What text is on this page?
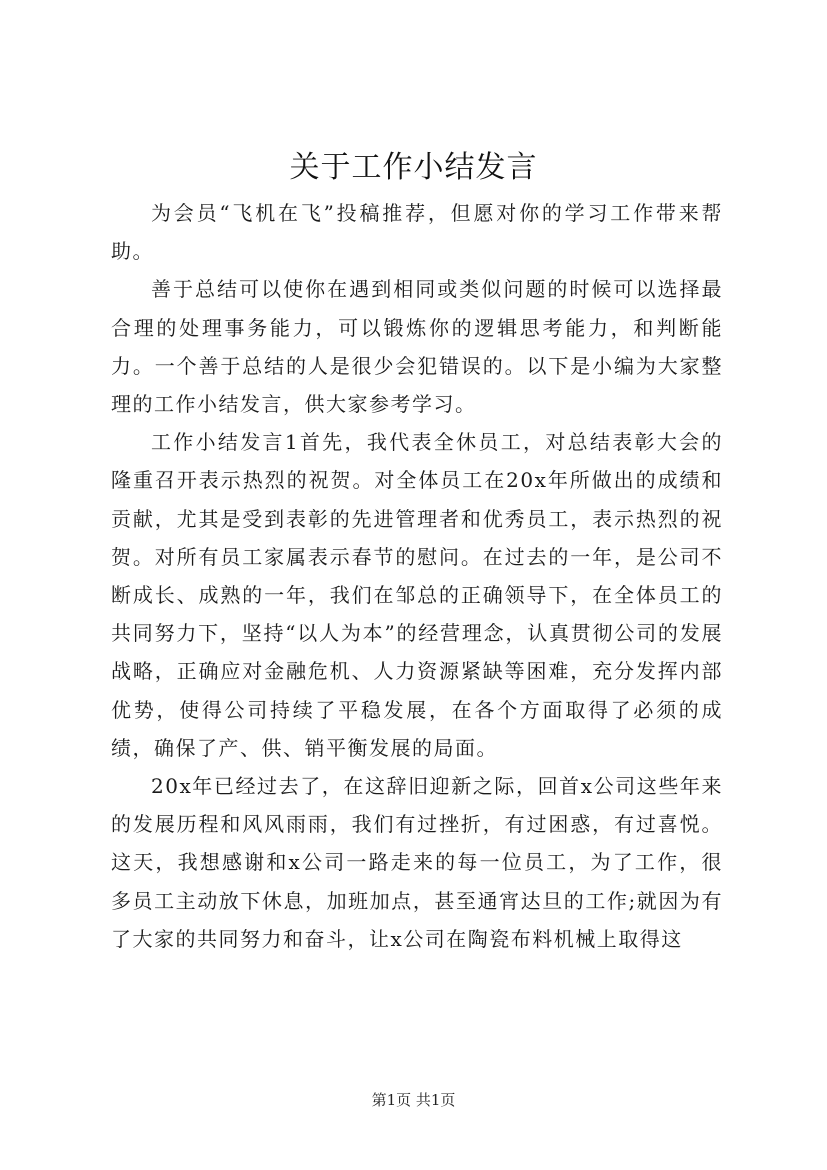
关于工作小结发言

为会员“飞机在飞”投稿推荐，但愿对你的学习工作带来帮助。

善于总结可以使你在遇到相同或类似问题的时候可以选择最合理的处理事务能力，可以锻炼你的逻辑思考能力，和判断能力。一个善于总结的人是很少会犯错误的。以下是小编为大家整理的工作小结发言，供大家参考学习。

工作小结发言1首先，我代表全休员工，对总结表彰大会的隆重召开表示热烈的祝贺。对全体员工在20x年所做出的成绩和贡献，尤其是受到表彰的先进管理者和优秀员工，表示热烈的祝贺。对所有员工家属表示春节的慰问。在过去的一年，是公司不断成长、成熟的一年，我们在邹总的正确领导下，在全体员工的共同努力下，坚持“以人为本”的经营理念，认真贯彻公司的发展战略，正确应对金融危机、人力资源紧缺等困难，充分发挥内部优势，使得公司持续了平稳发展，在各个方面取得了必须的成绩，确保了产、供、销平衡发展的局面。

20x年已经过去了，在这辞旧迎新之际，回首x公司这些年来的发展历程和风风雨雨，我们有过挫折，有过困惑，有过喜悦。这天，我想感谢和x公司一路走来的每一位员工，为了工作，很多员工主动放下休息，加班加点，甚至通宵达旦的工作;就因为有了大家的共同努力和奋斗，让x公司在陶瓷布料机械上取得这

第1页 共1页
